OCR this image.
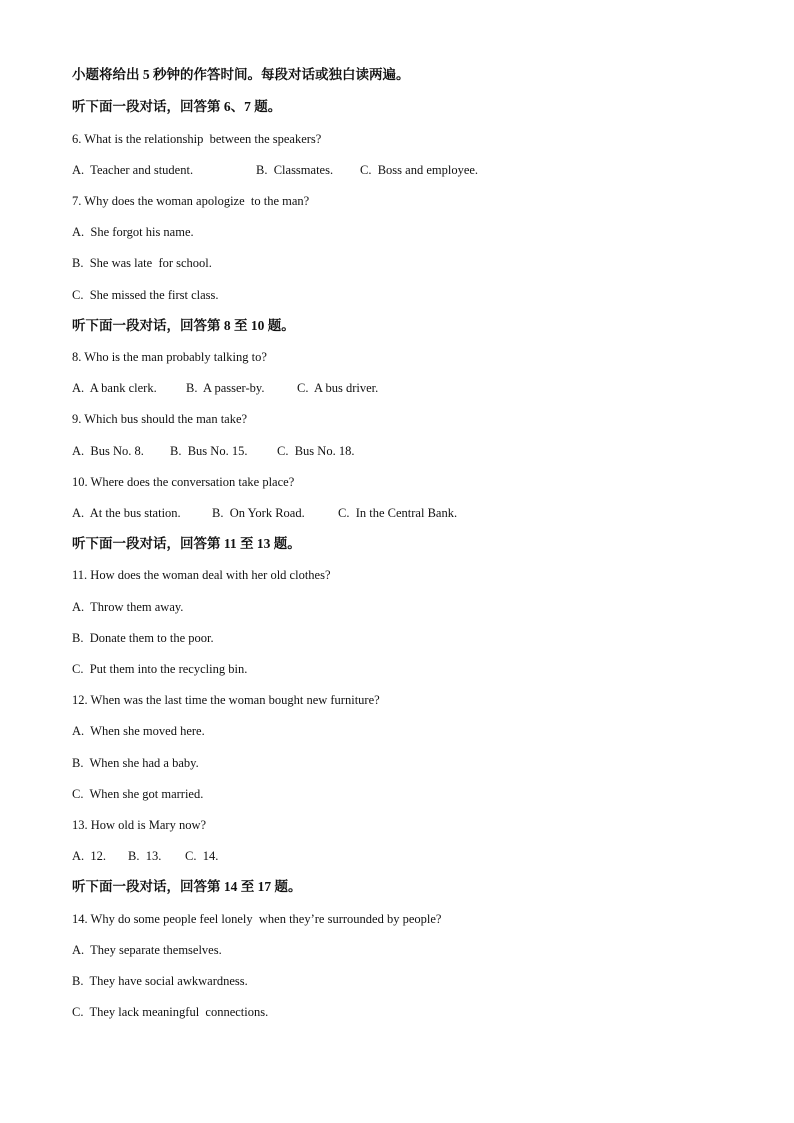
小题将给出 5 秒钟的作答时间。每段对话或独白读两遍。
听下面一段对话，回答第 6、7 题。
6. What is the relationship  between the speakers?

A.  Teacher and student.

	B.  Classmates.

C.  Boss and employee.

7. Why does the woman apologize  to the man?
A.  She forgot his name.
B.  She was late  for school.
C.  She missed the first class.
听下面一段对话，回答第 8 至 10 题。
8. Who is the man probably talking to?

A.  A bank clerk.

B.  A passer-by.

	C.  A bus driver.

9. Which bus should the man take?

A.  Bus No. 8.

B.  Bus No. 15.

C.  Bus No. 18.

10. Where does the conversation take place?

A.  At the bus station.

	B.  On York Road.

	C.  In the Central Bank.

听下面一段对话，回答第 11 至 13 题。
11. How does the woman deal with her old clothes?
A.  Throw them away.
B.  Donate them to the poor.
C.  Put them into the recycling bin.
12. When was the last time the woman bought new furniture?
A.  When she moved here.
B.  When she had a baby.
C.  When she got married.
13. How old is Mary now?

A.  12.

B.  13.

C.  14.

听下面一段对话，回答第 14 至 17 题。
14. Why do some people feel lonely  when they’re surrounded by people?
A.  They separate themselves.
B.  They have social awkwardness.
C.  They lack meaningful  connections.
